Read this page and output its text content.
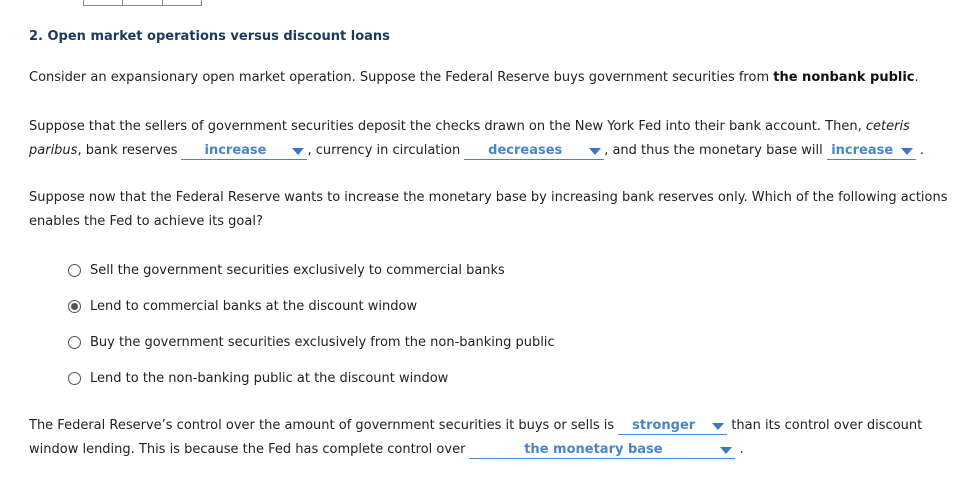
2. Open market operations versus discount loans
Consider an expansionary open market operation. Suppose the Federal Reserve buys government securities from the nonbank public.
Suppose that the sellers of government securities deposit the checks drawn on the New York Fed into their bank account. Then, ceteris paribus, bank reserves increase	, currency in circulation decreases	, and thus the monetary base will increase .
Suppose now that the Federal Reserve wants to increase the monetary base by increasing bank reserves only. Which of the following actions enables the Fed to achieve its goal?
Sell the government securities exclusively to commercial banks
Lend to commercial banks at the discount window
Buy the government securities exclusively from the non-banking public
Lend to the non-banking public at the discount window
The Federal Reserve’s control over the amount of government securities it buys or sells is stronger	than its control over discount window lending. This is because the Fed has complete control over	the monetary base	.
